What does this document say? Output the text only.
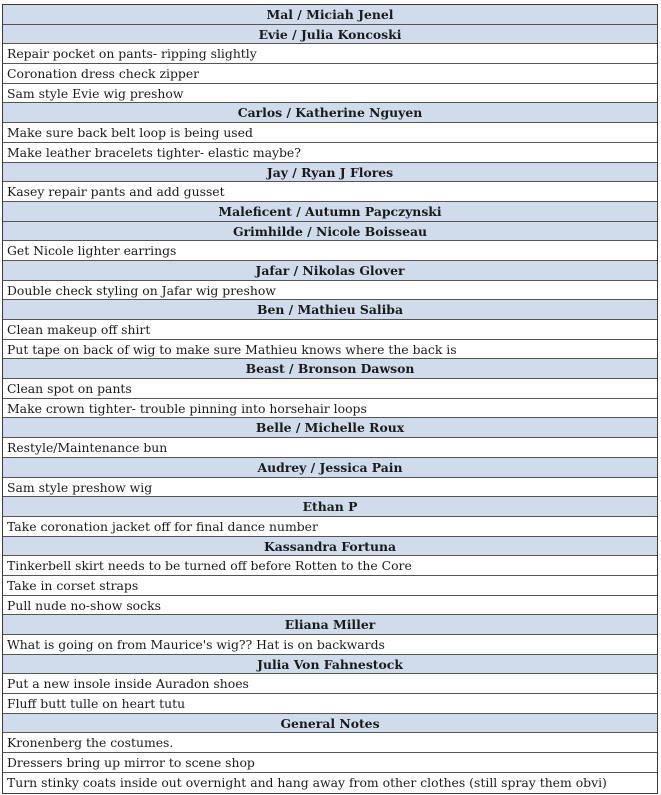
Mal / Miciah Jenel
Evie / Julia Koncoski
Repair pocket on pants- ripping slightly
Coronation dress check zipper
Sam style Evie wig preshow
Carlos / Katherine Nguyen
Make sure back belt loop is being used
Make leather bracelets tighter- elastic maybe?
Jay / Ryan J Flores
Kasey repair pants and add gusset
Maleficent / Autumn Papczynski
Grimhilde / Nicole Boisseau
Get Nicole lighter earrings
Jafar / Nikolas Glover
Double check styling on Jafar wig preshow
Ben / Mathieu Saliba
Clean makeup off shirt
Put tape on back of wig to make sure Mathieu knows where the back is
Beast / Bronson Dawson
Clean spot on pants
Make crown tighter- trouble pinning into horsehair loops
Belle / Michelle Roux
Restyle/Maintenance bun
Audrey / Jessica Pain
Sam style preshow wig
Ethan P
Take coronation jacket off for final dance number
Kassandra Fortuna
Tinkerbell skirt needs to be turned off before Rotten to the Core
Take in corset straps
Pull nude no-show socks
Eliana Miller
What is going on from Maurice's wig?? Hat is on backwards
Julia Von Fahnestock
Put a new insole inside Auradon shoes
Fluff butt tulle on heart tutu
General Notes
Kronenberg the costumes.
Dressers bring up mirror to scene shop
Turn stinky coats inside out overnight and hang away from other clothes (still spray them obvi)
